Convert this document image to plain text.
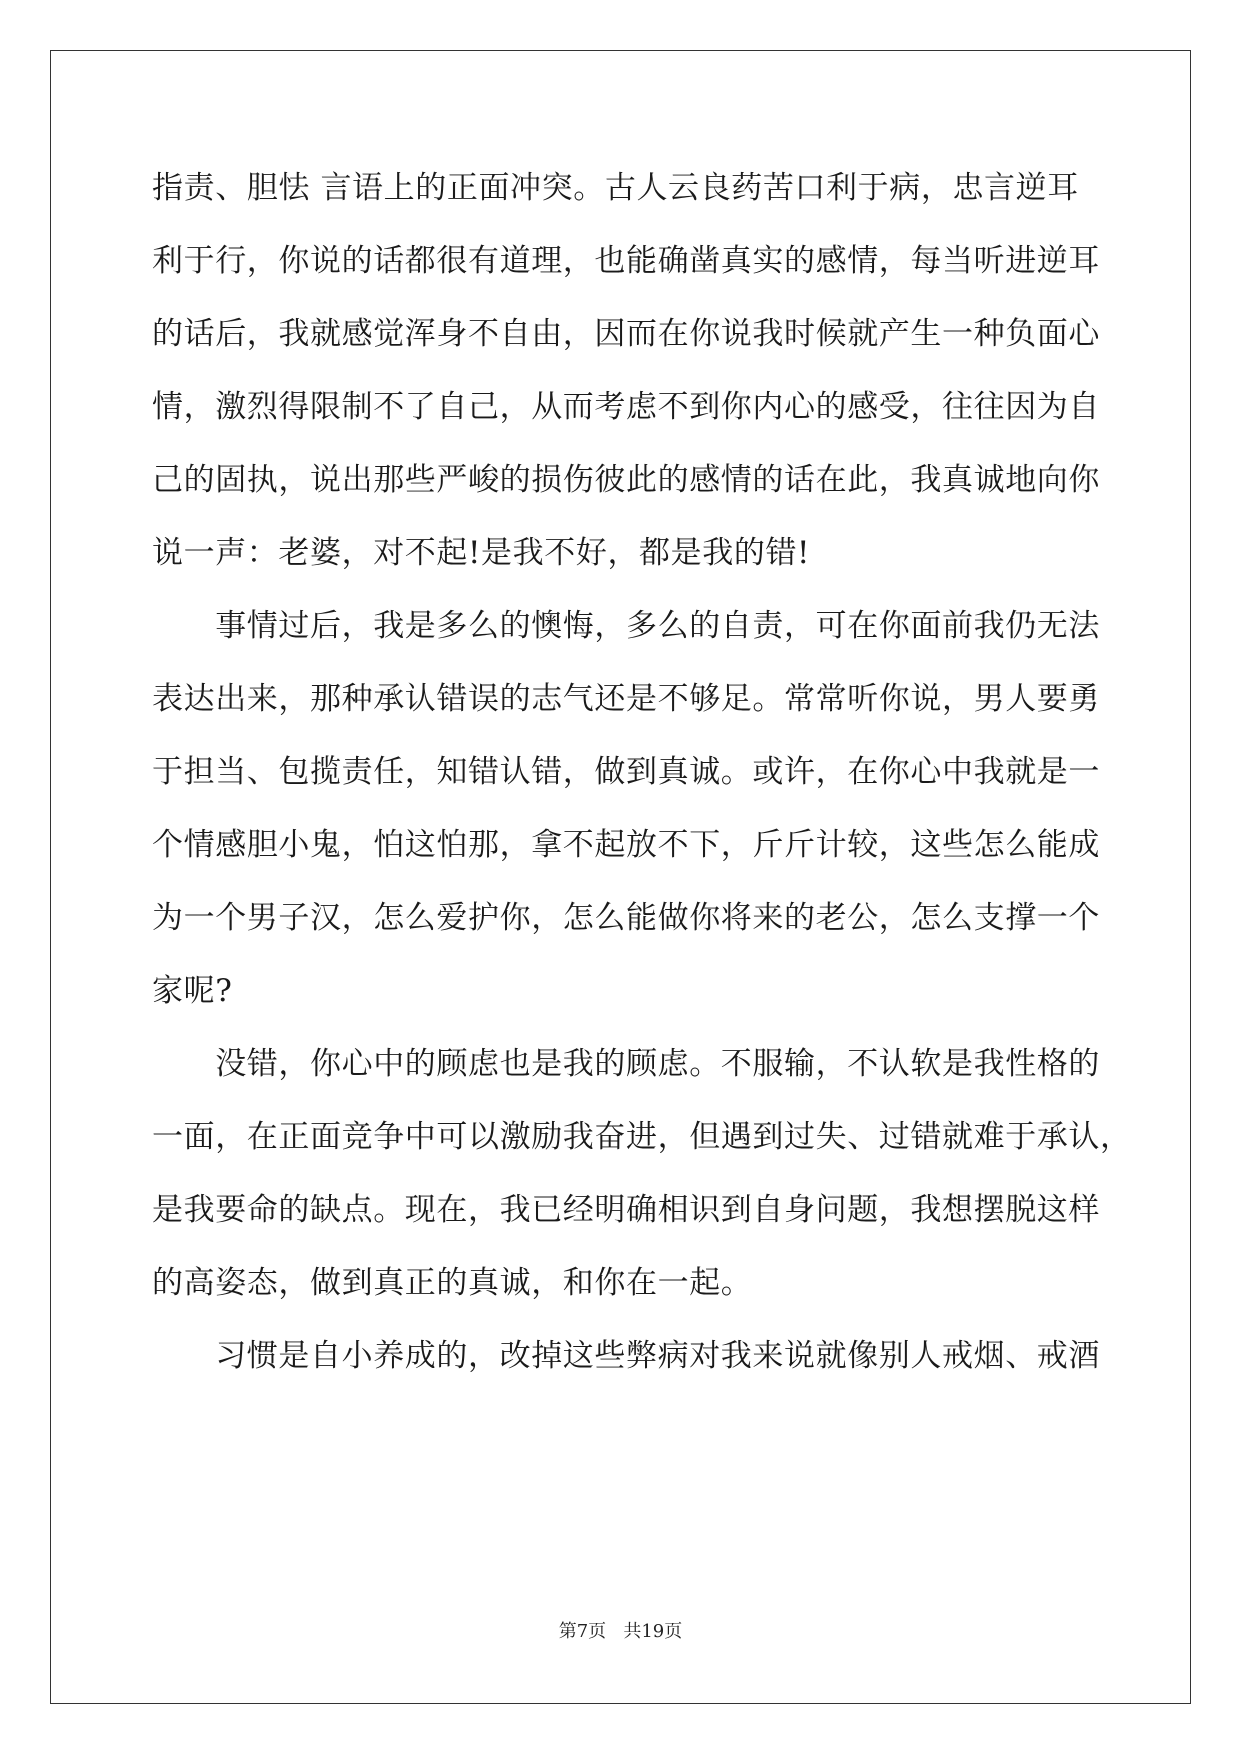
指责、胆怯 言语上的正面冲突。古人云良药苦口利于病，忠言逆耳
利于行，你说的话都很有道理，也能确凿真实的感情，每当听进逆耳
的话后，我就感觉浑身不自由，因而在你说我时候就产生一种负面心
情，激烈得限制不了自己，从而考虑不到你内心的感受，往往因为自
己的固执，说出那些严峻的损伤彼此的感情的话在此，我真诚地向你
说一声：老婆，对不起!是我不好，都是我的错!
　　事情过后，我是多么的懊悔，多么的自责，可在你面前我仍无法
表达出来，那种承认错误的志气还是不够足。常常听你说，男人要勇
于担当、包揽责任，知错认错，做到真诚。或许，在你心中我就是一
个情感胆小鬼，怕这怕那，拿不起放不下，斤斤计较，这些怎么能成
为一个男子汉，怎么爱护你，怎么能做你将来的老公，怎么支撑一个
家呢?
　　没错，你心中的顾虑也是我的顾虑。不服输，不认软是我性格的
一面，在正面竞争中可以激励我奋进，但遇到过失、过错就难于承认，
是我要命的缺点。现在，我已经明确相识到自身问题，我想摆脱这样
的高姿态，做到真正的真诚，和你在一起。
　　习惯是自小养成的，改掉这些弊病对我来说就像别人戒烟、戒酒
第7页   共19页
